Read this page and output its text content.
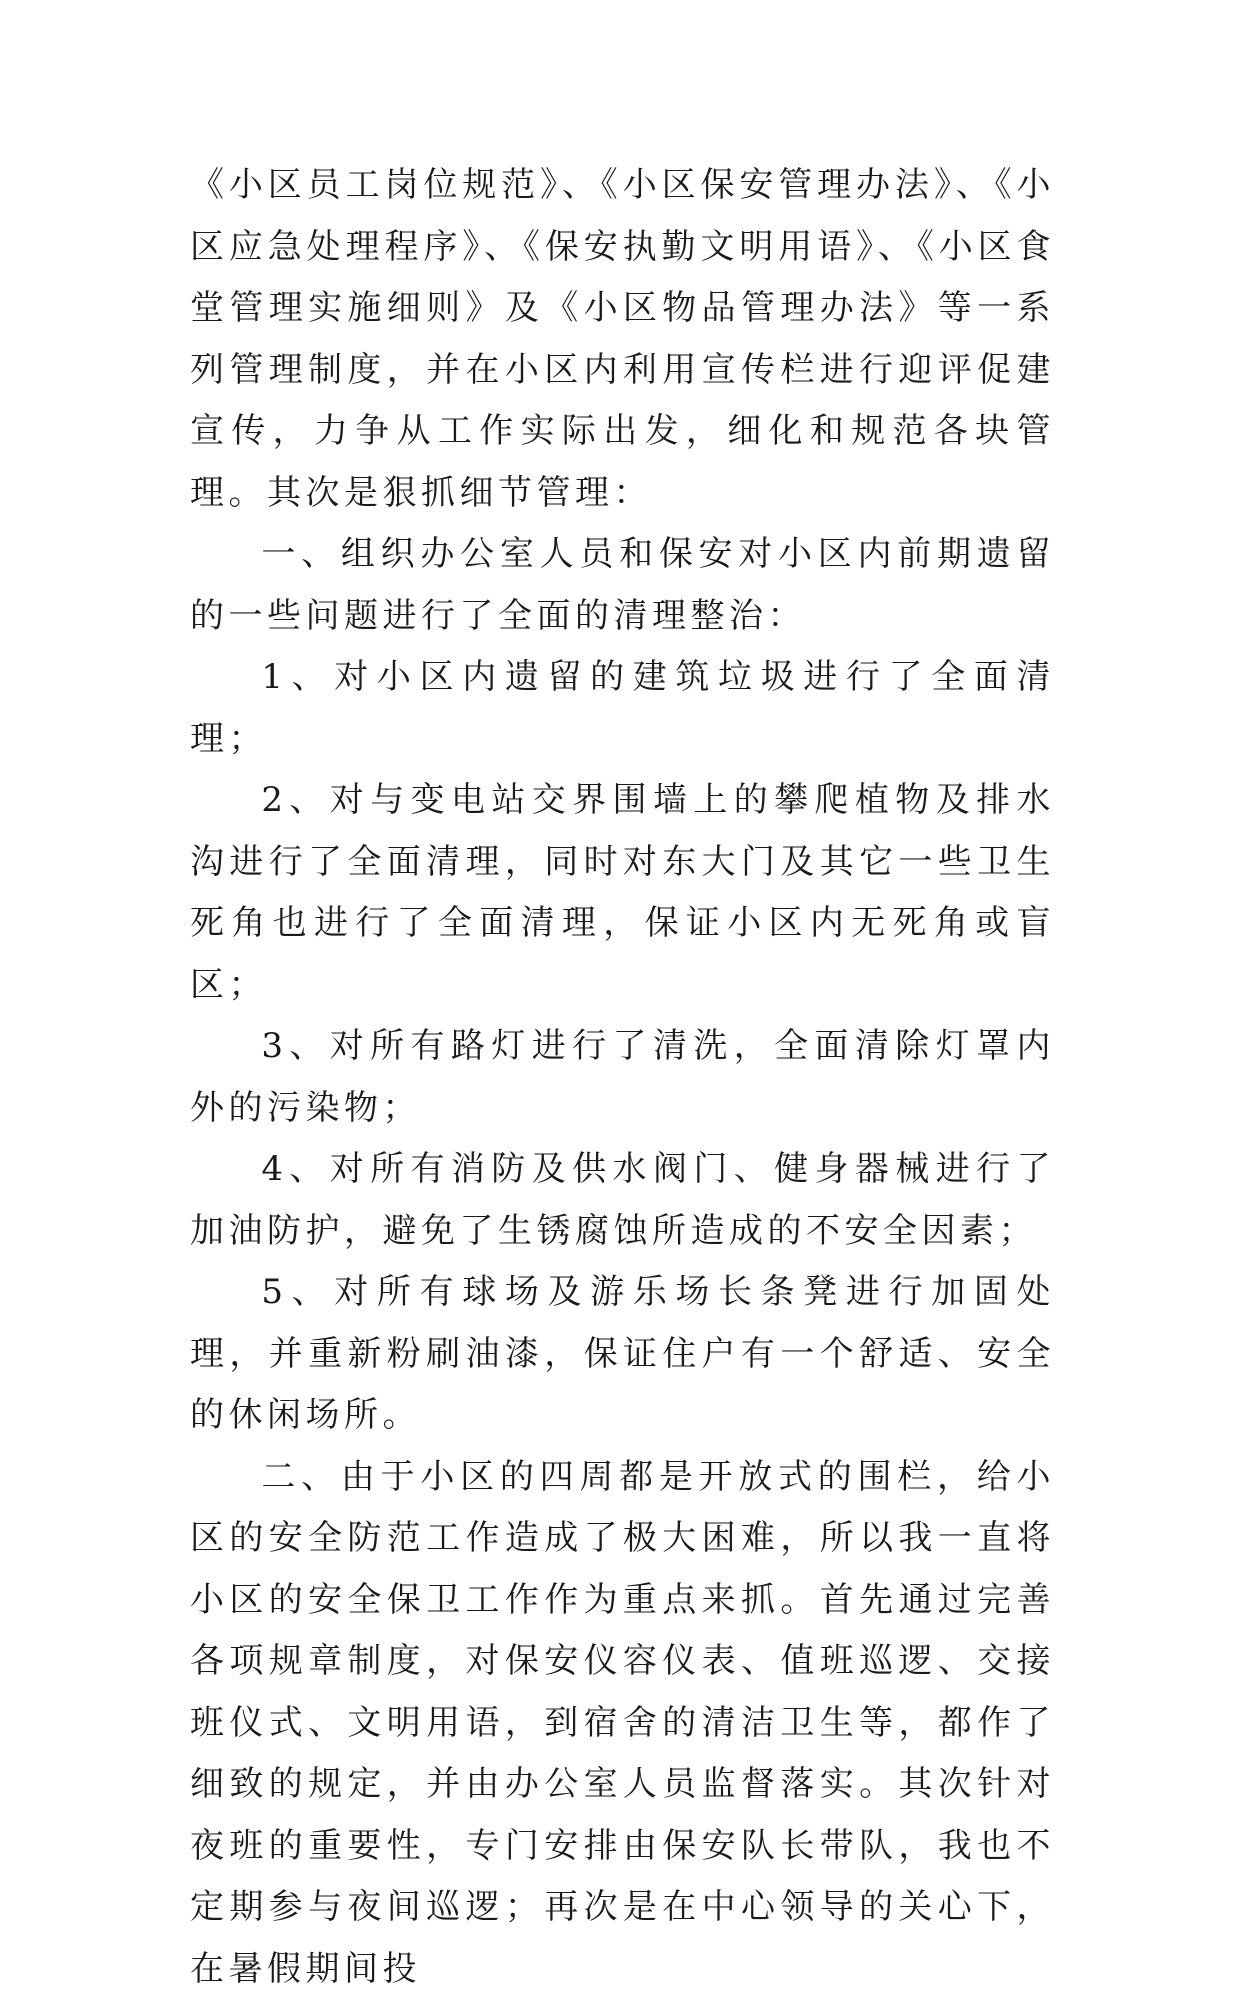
《小区员工岗位规范》、《小区保安管理办法》、《小区应急处理程序》、《保安执勤文明用语》、《小区食堂管理实施细则》及《小区物品管理办法》等一系列管理制度，并在小区内利用宣传栏进行迎评促建宣传，力争从工作实际出发，细化和规范各块管理。其次是狠抓细节管理：

一、组织办公室人员和保安对小区内前期遗留的一些问题进行了全面的清理整治：

1、对小区内遗留的建筑垃圾进行了全面清理；

2、对与变电站交界围墙上的攀爬植物及排水沟进行了全面清理，同时对东大门及其它一些卫生死角也进行了全面清理，保证小区内无死角或盲区；

3、对所有路灯进行了清洗，全面清除灯罩内外的污染物；

4、对所有消防及供水阀门、健身器械进行了加油防护，避免了生锈腐蚀所造成的不安全因素；

5、对所有球场及游乐场长条凳进行加固处理，并重新粉刷油漆，保证住户有一个舒适、安全的休闲场所。

二、由于小区的四周都是开放式的围栏，给小区的安全防范工作造成了极大困难，所以我一直将小区的安全保卫工作作为重点来抓。首先通过完善各项规章制度，对保安仪容仪表、值班巡逻、交接班仪式、文明用语，到宿舍的清洁卫生等，都作了细致的规定，并由办公室人员监督落实。其次针对夜班的重要性，专门安排由保安队长带队，我也不定期参与夜间巡逻；再次是在中心领导的关心下，在暑假期间投
